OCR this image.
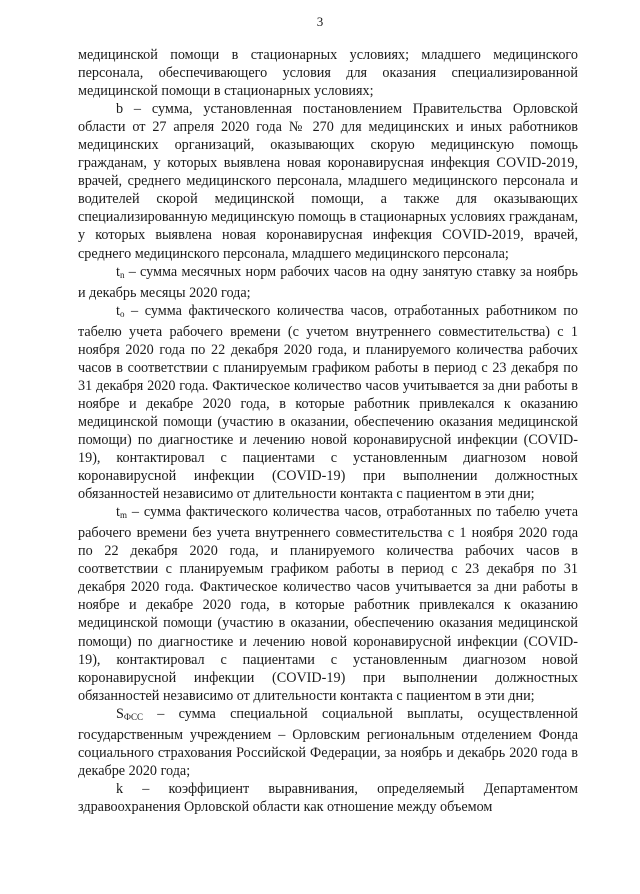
3

медицинской помощи в стационарных условиях; младшего медицинского персонала, обеспечивающего условия для оказания специализированной медицинской помощи в стационарных условиях;

b – сумма, установленная постановлением Правительства Орловской области от 27 апреля 2020 года № 270 для медицинских и иных работников медицинских организаций, оказывающих скорую медицинскую помощь гражданам, у которых выявлена новая коронавирусная инфекция COVID-2019, врачей, среднего медицинского персонала, младшего медицинского персонала и водителей скорой медицинской помощи, а также для оказывающих специализированную медицинскую помощь в стационарных условиях гражданам, у которых выявлена новая коронавирусная инфекция COVID-2019, врачей, среднего медицинского персонала, младшего медицинского персонала;

$t_n$ – сумма месячных норм рабочих часов на одну занятую ставку за ноябрь и декабрь месяцы 2020 года;

$t_o$ – сумма фактического количества часов, отработанных работником по табелю учета рабочего времени (с учетом внутреннего совместительства) с 1 ноября 2020 года по 22 декабря 2020 года, и планируемого количества рабочих часов в соответствии с планируемым графиком работы в период с 23 декабря по 31 декабря 2020 года. Фактическое количество часов учитывается за дни работы в ноябре и декабре 2020 года, в которые работник привлекался к оказанию медицинской помощи (участию в оказании, обеспечению оказания медицинской помощи) по диагностике и лечению новой коронавирусной инфекции (COVID-19), контактировал с пациентами с установленным диагнозом новой коронавирусной инфекции (COVID-19) при выполнении должностных обязанностей независимо от длительности контакта с пациентом в эти дни;

$t_m$ – сумма фактического количества часов, отработанных по табелю учета рабочего времени без учета внутреннего совместительства с 1 ноября 2020 года по 22 декабря 2020 года, и планируемого количества рабочих часов в соответствии с планируемым графиком работы в период с 23 декабря по 31 декабря 2020 года. Фактическое количество часов учитывается за дни работы в ноябре и декабре 2020 года, в которые работник привлекался к оказанию медицинской помощи (участию в оказании, обеспечению оказания медицинской помощи) по диагностике и лечению новой коронавирусной инфекции (COVID-19), контактировал с пациентами с установленным диагнозом новой коронавирусной инфекции (COVID-19) при выполнении должностных обязанностей независимо от длительности контакта с пациентом в эти дни;

$S_{ФСС}$ – сумма специальной социальной выплаты, осуществленной государственным учреждением – Орловским региональным отделением Фонда социального страхования Российской Федерации, за ноябрь и декабрь 2020 года в декабре 2020 года;

k – коэффициент выравнивания, определяемый Департаментом здравоохранения Орловской области как отношение между объемом
